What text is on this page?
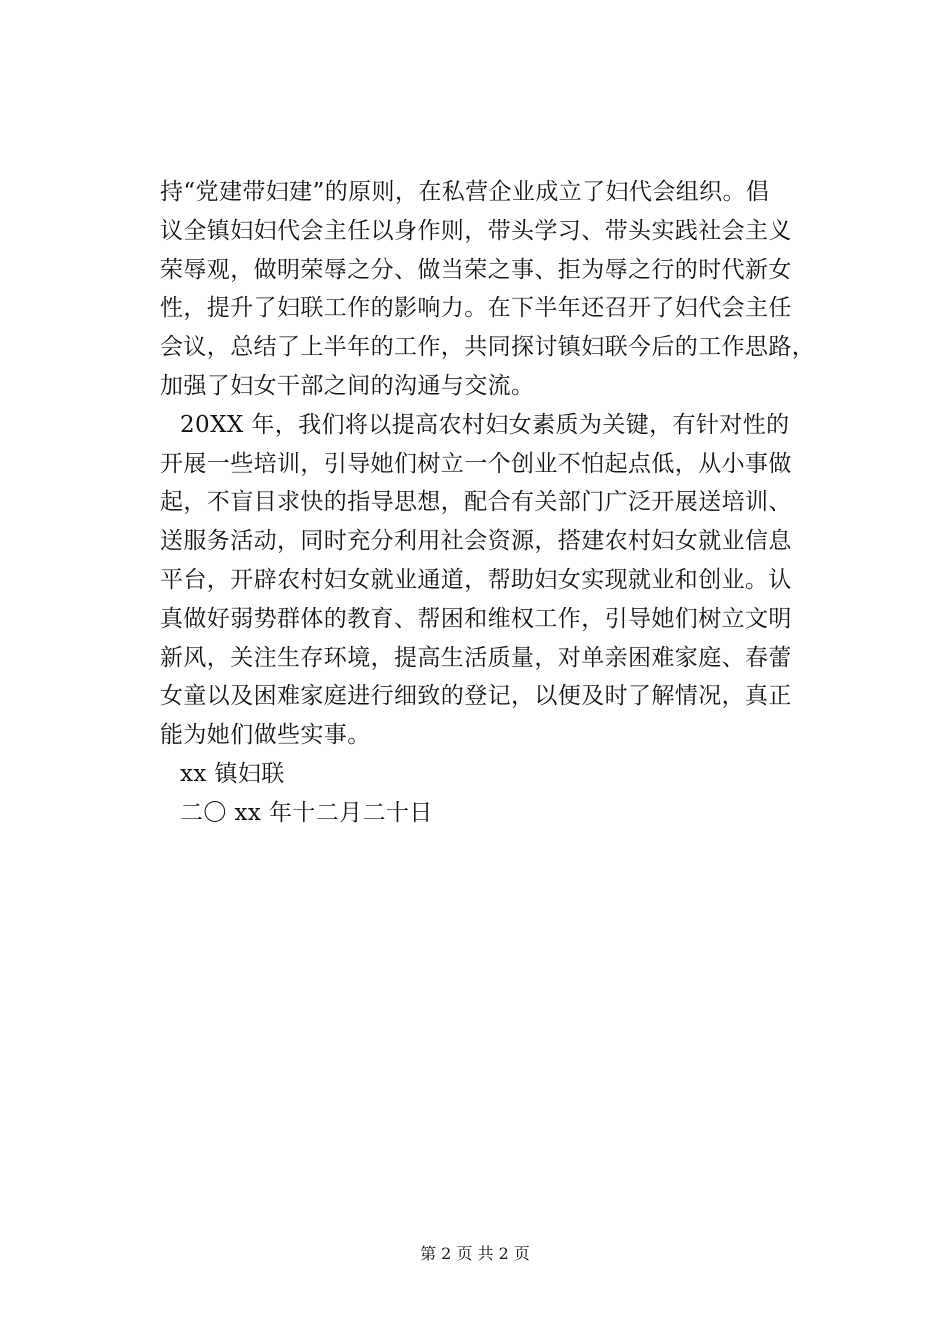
持“党建带妇建”的原则，在私营企业成立了妇代会组织。倡
议全镇妇妇代会主任以身作则，带头学习、带头实践社会主义
荣辱观，做明荣辱之分、做当荣之事、拒为辱之行的时代新女
性，提升了妇联工作的影响力。在下半年还召开了妇代会主任
会议，总结了上半年的工作，共同探讨镇妇联今后的工作思路，
加强了妇女干部之间的沟通与交流。
20XX 年，我们将以提高农村妇女素质为关键，有针对性的
开展一些培训，引导她们树立一个创业不怕起点低，从小事做
起，不盲目求快的指导思想，配合有关部门广泛开展送培训、
送服务活动，同时充分利用社会资源，搭建农村妇女就业信息
平台，开辟农村妇女就业通道，帮助妇女实现就业和创业。认
真做好弱势群体的教育、帮困和维权工作，引导她们树立文明
新风，关注生存环境，提高生活质量，对单亲困难家庭、春蕾
女童以及困难家庭进行细致的登记，以便及时了解情况，真正
能为她们做些实事。
xx 镇妇联
二〇 xx 年十二月二十日
第 2 页 共 2 页
